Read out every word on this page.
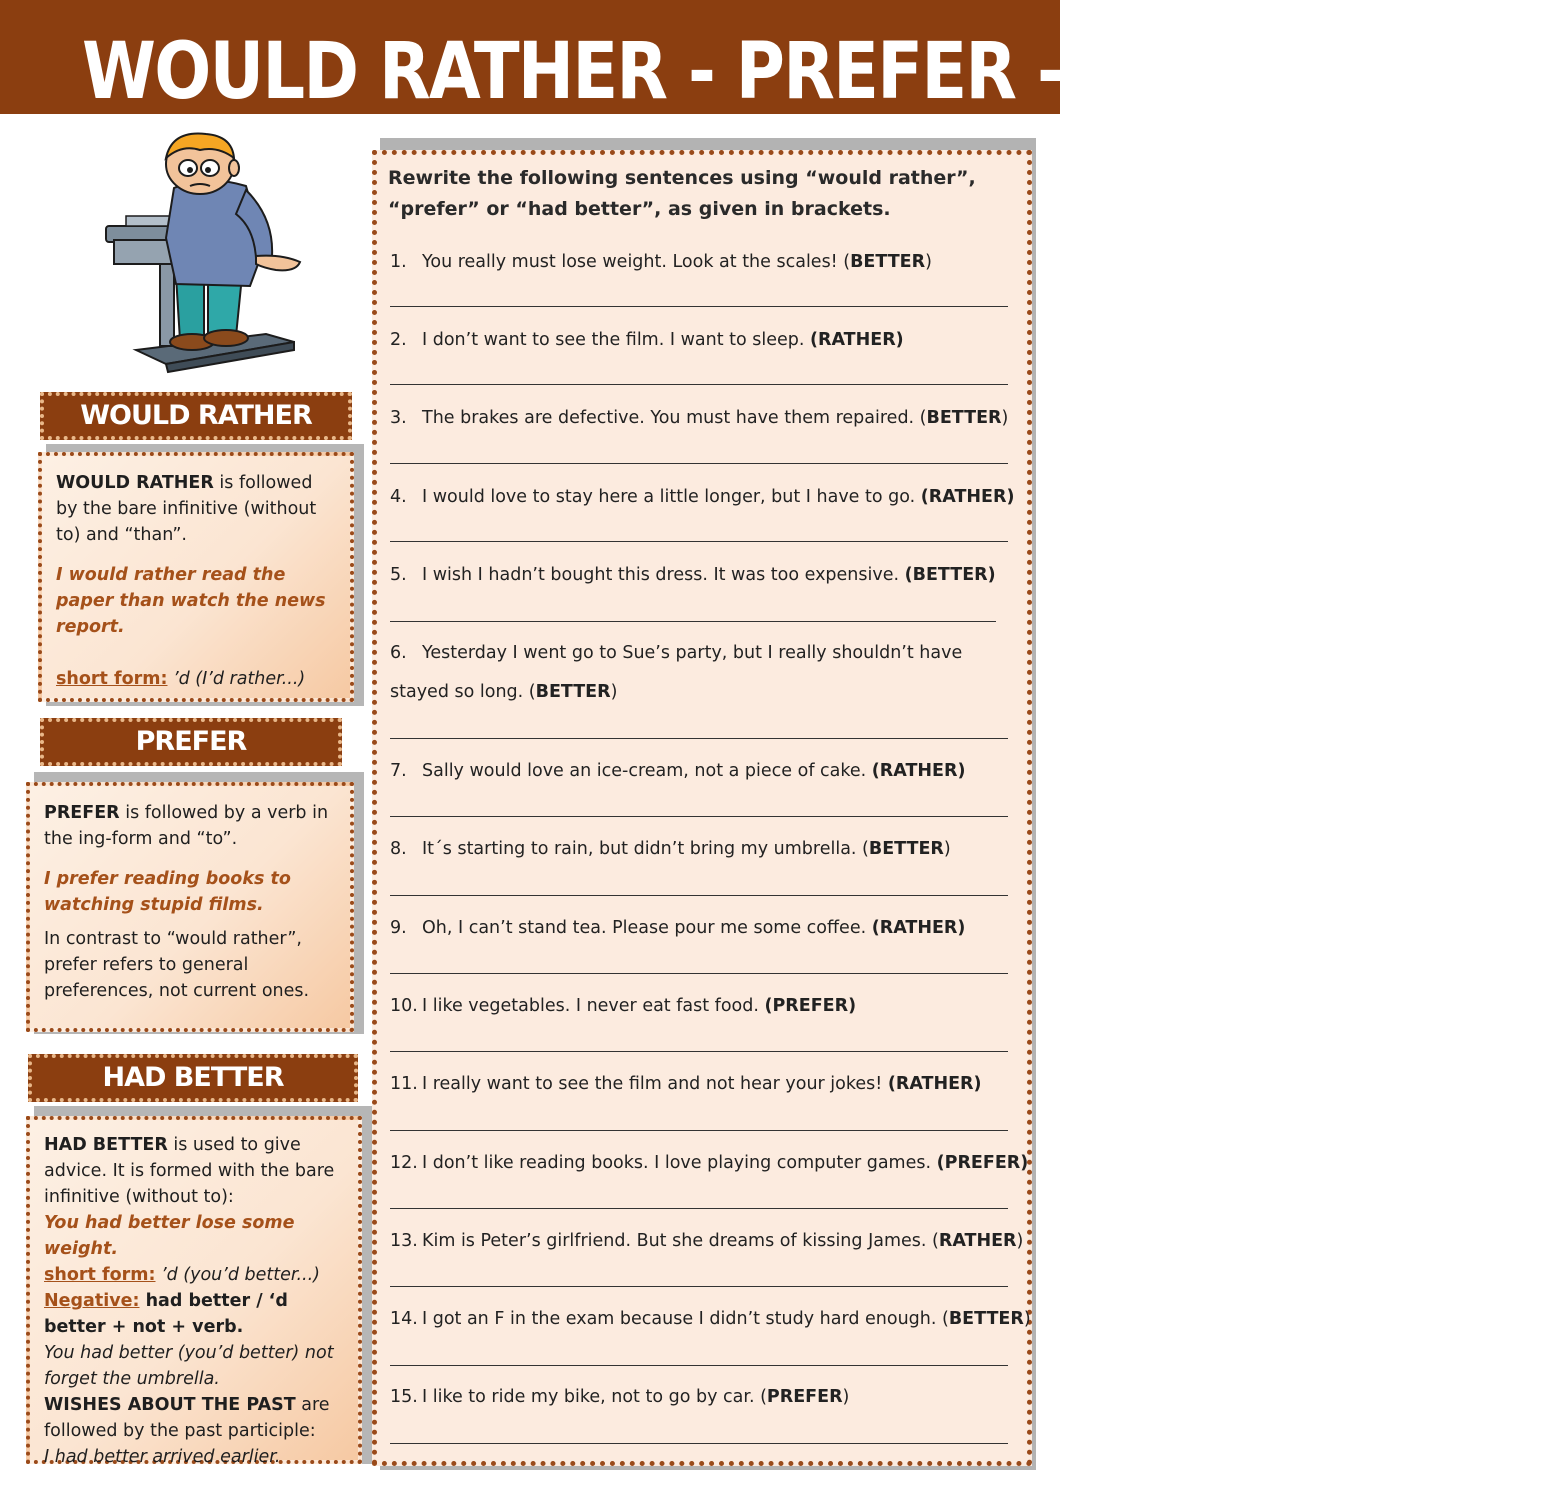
WOULD RATHER - PREFER - HAD BETTER
WOULD RATHER

WOULD RATHER is followed by the bare infinitive (without to) and “than”.

I would rather read the paper than watch the news report.

short form: ’d (I’d rather...)

PREFER

PREFER is followed by a verb in the ing-form and “to”.

I prefer reading books to watching stupid films.

In contrast to “would rather”, prefer refers to general preferences, not current ones.

HAD BETTER

HAD BETTER is used to give advice. It is formed with the bare infinitive (without to):

You had better lose some weight.

short form: ’d (you’d better...)

Negative: had better / ‘d better + not + verb.

You had better (you’d better) not forget the umbrella.

WISHES ABOUT THE PAST are followed by the past participle:

I had better arrived earlier.

Rewrite the following sentences using “would rather”, “prefer” or “had better”, as given in brackets.
1. You really must lose weight. Look at the scales! (BETTER)
2. I don’t want to see the film. I want to sleep. (RATHER)
3. The brakes are defective. You must have them repaired. (BETTER)
4. I would love to stay here a little longer, but I have to go. (RATHER)
5. I wish I hadn’t bought this dress. It was too expensive. (BETTER)
6. Yesterday I went go to Sue’s party, but I really shouldn’t have stayed so long. (BETTER)
7. Sally would love an ice-cream, not a piece of cake. (RATHER)
8. It´s starting to rain, but didn’t bring my umbrella. (BETTER)
9. Oh, I can’t stand tea. Please pour me some coffee. (RATHER)
10. I like vegetables. I never eat fast food. (PREFER)
11. I really want to see the film and not hear your jokes! (RATHER)
12. I don’t like reading books. I love playing computer games. (PREFER)
13. Kim is Peter’s girlfriend. But she dreams of kissing James. (RATHER)
14. I got an F in the exam because I didn’t study hard enough. (BETTER)
15. I like to ride my bike, not to go by car. (PREFER)
